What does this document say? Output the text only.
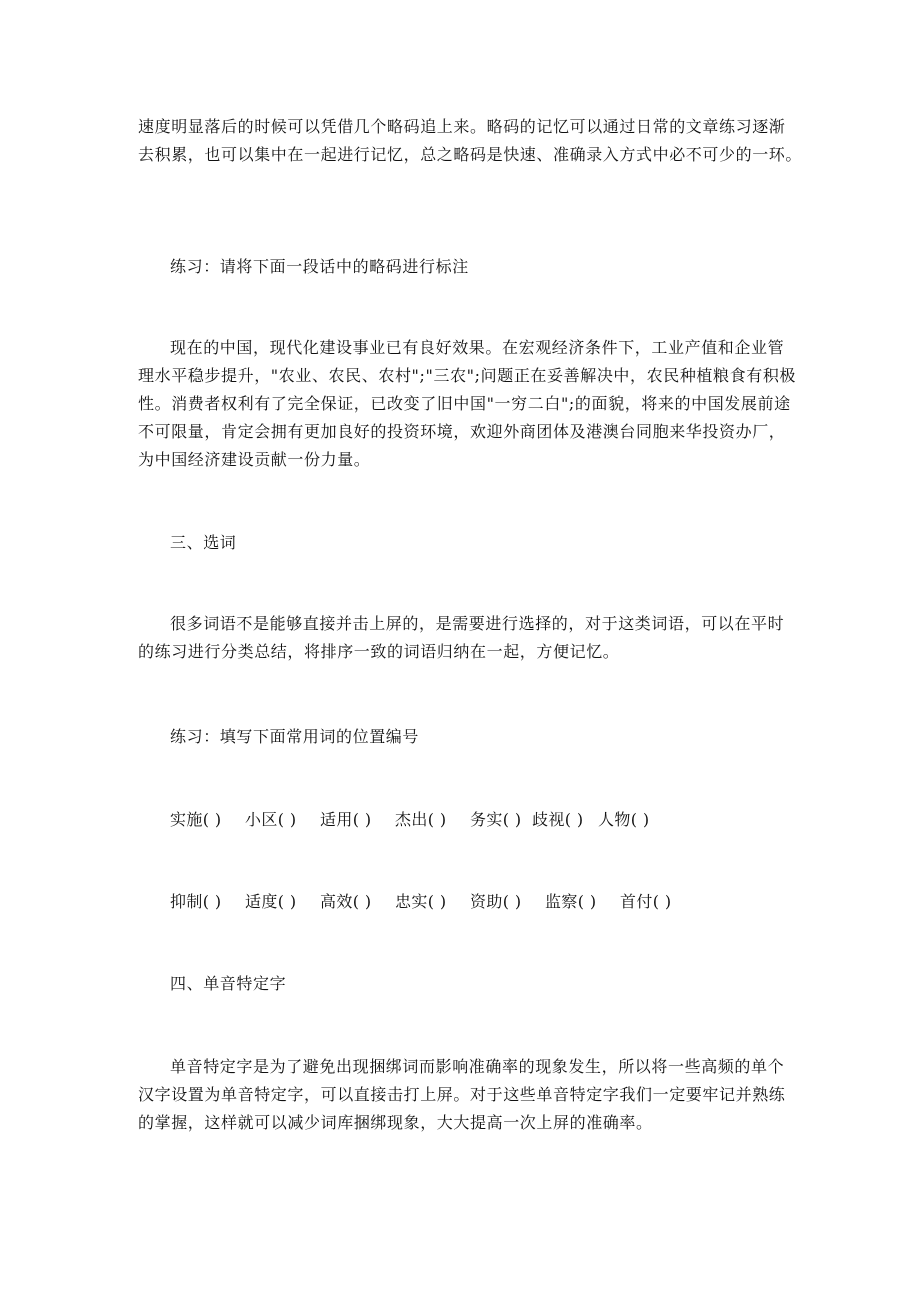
速度明显落后的时候可以凭借几个略码追上来。略码的记忆可以通过日常的文章练习逐渐
去积累，也可以集中在一起进行记忆，总之略码是快速、准确录入方式中必不可少的一环。
练习：请将下面一段话中的略码进行标注
现在的中国，现代化建设事业已有良好效果。在宏观经济条件下，工业产值和企业管
理水平稳步提升，"农业、农民、农村";"三农";问题正在妥善解决中，农民种植粮食有积极
性。消费者权利有了完全保证，已改变了旧中国"一穷二白";的面貌，将来的中国发展前途
不可限量，肯定会拥有更加良好的投资环境，欢迎外商团体及港澳台同胞来华投资办厂，
为中国经济建设贡献一份力量。
三、选词
很多词语不是能够直接并击上屏的，是需要进行选择的，对于这类词语，可以在平时
的练习进行分类总结，将排序一致的词语归纳在一起，方便记忆。
练习：填写下面常用词的位置编号
实施( )	小区( )	适用( )	杰出( )	务实( ) 歧视( ) 人物( )
抑制( )	适度( )	高效( )	忠实( )	资助( )	监察( )	首付( )
四、单音特定字
单音特定字是为了避免出现捆绑词而影响准确率的现象发生，所以将一些高频的单个
汉字设置为单音特定字，可以直接击打上屏。对于这些单音特定字我们一定要牢记并熟练
的掌握，这样就可以减少词库捆绑现象，大大提高一次上屏的准确率。
